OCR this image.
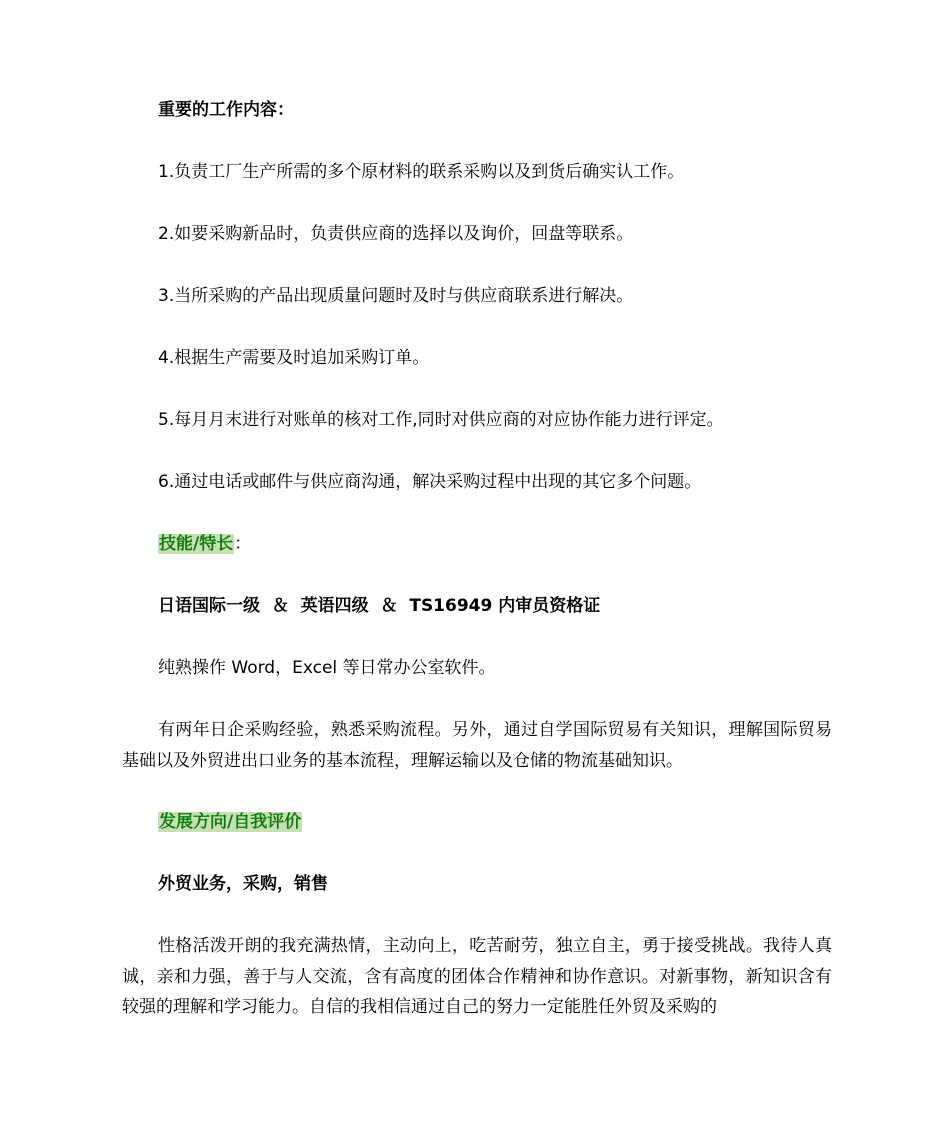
重要的工作内容：
1.负责工厂生产所需的多个原材料的联系采购以及到货后确实认工作。
2.如要采购新品时，负责供应商的选择以及询价，回盘等联系。
3.当所采购的产品出现质量问题时及时与供应商联系进行解决。
4.根据生产需要及时追加采购订单。
5.每月月末进行对账单的核对工作,同时对供应商的对应协作能力进行评定。
6.通过电话或邮件与供应商沟通，解决采购过程中出现的其它多个问题。
技能/特长：
日语国际一级  ＆  英语四级  ＆  TS16949 内审员资格证
纯熟操作 Word，Excel 等日常办公室软件。
有两年日企采购经验，熟悉采购流程。另外，通过自学国际贸易有关知识，理解国际贸易基础以及外贸进出口业务的基本流程，理解运输以及仓储的物流基础知识。
发展方向/自我评价
外贸业务，采购，销售
性格活泼开朗的我充满热情，主动向上，吃苦耐劳，独立自主，勇于接受挑战。我待人真诚，亲和力强，善于与人交流，含有高度的团体合作精神和协作意识。对新事物，新知识含有较强的理解和学习能力。自信的我相信通过自己的努力一定能胜任外贸及采购的
